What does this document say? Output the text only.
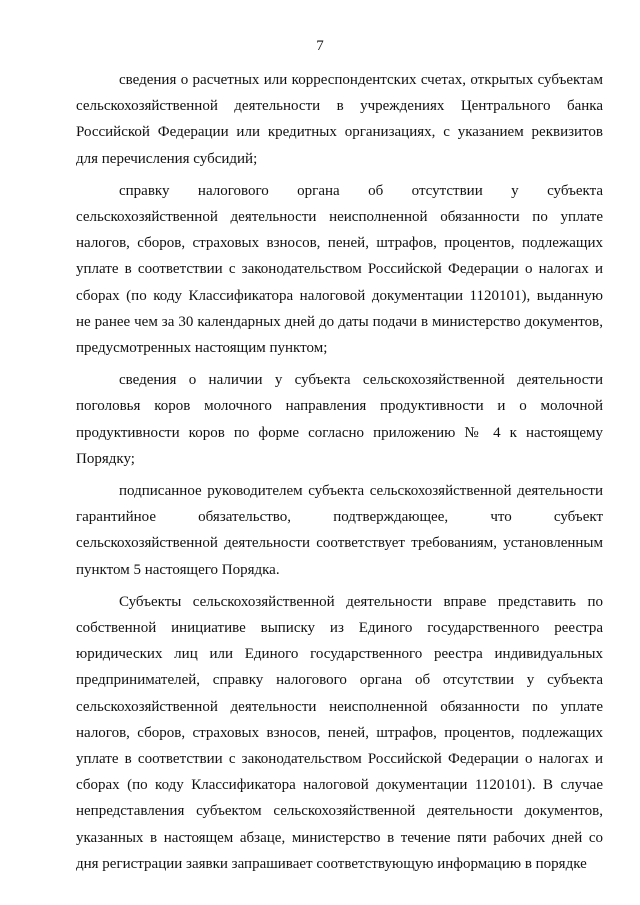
7
сведения о расчетных или корреспондентских счетах, открытых субъектам
сельскохозяйственной деятельности в учреждениях Центрального банка
Российской Федерации или кредитных организациях, с указанием реквизитов
для перечисления субсидий;
справку налогового органа об отсутствии у субъекта
сельскохозяйственной деятельности неисполненной обязанности по уплате
налогов, сборов, страховых взносов, пеней, штрафов, процентов, подлежащих
уплате в соответствии с законодательством Российской Федерации о налогах и
сборах (по коду Классификатора налоговой документации 1120101), выданную
не ранее чем за 30 календарных дней до даты подачи в министерство документов,
предусмотренных настоящим пунктом;
сведения о наличии у субъекта сельскохозяйственной деятельности
поголовья коров молочного направления продуктивности и о молочной
продуктивности коров по форме согласно приложению № 4 к настоящему
Порядку;
подписанное руководителем субъекта сельскохозяйственной деятельности
гарантийное обязательство, подтверждающее, что субъект
сельскохозяйственной деятельности соответствует требованиям, установленным
пунктом 5 настоящего Порядка.
Субъекты сельскохозяйственной деятельности вправе представить по
собственной инициативе выписку из Единого государственного реестра
юридических лиц или Единого государственного реестра индивидуальных
предпринимателей, справку налогового органа об отсутствии у субъекта
сельскохозяйственной деятельности неисполненной обязанности по уплате
налогов, сборов, страховых взносов, пеней, штрафов, процентов, подлежащих
уплате в соответствии с законодательством Российской Федерации о налогах и
сборах (по коду Классификатора налоговой документации 1120101). В случае
непредставления субъектом сельскохозяйственной деятельности документов,
указанных в настоящем абзаце, министерство в течение пяти рабочих дней со
дня регистрации заявки запрашивает соответствующую информацию в порядке
